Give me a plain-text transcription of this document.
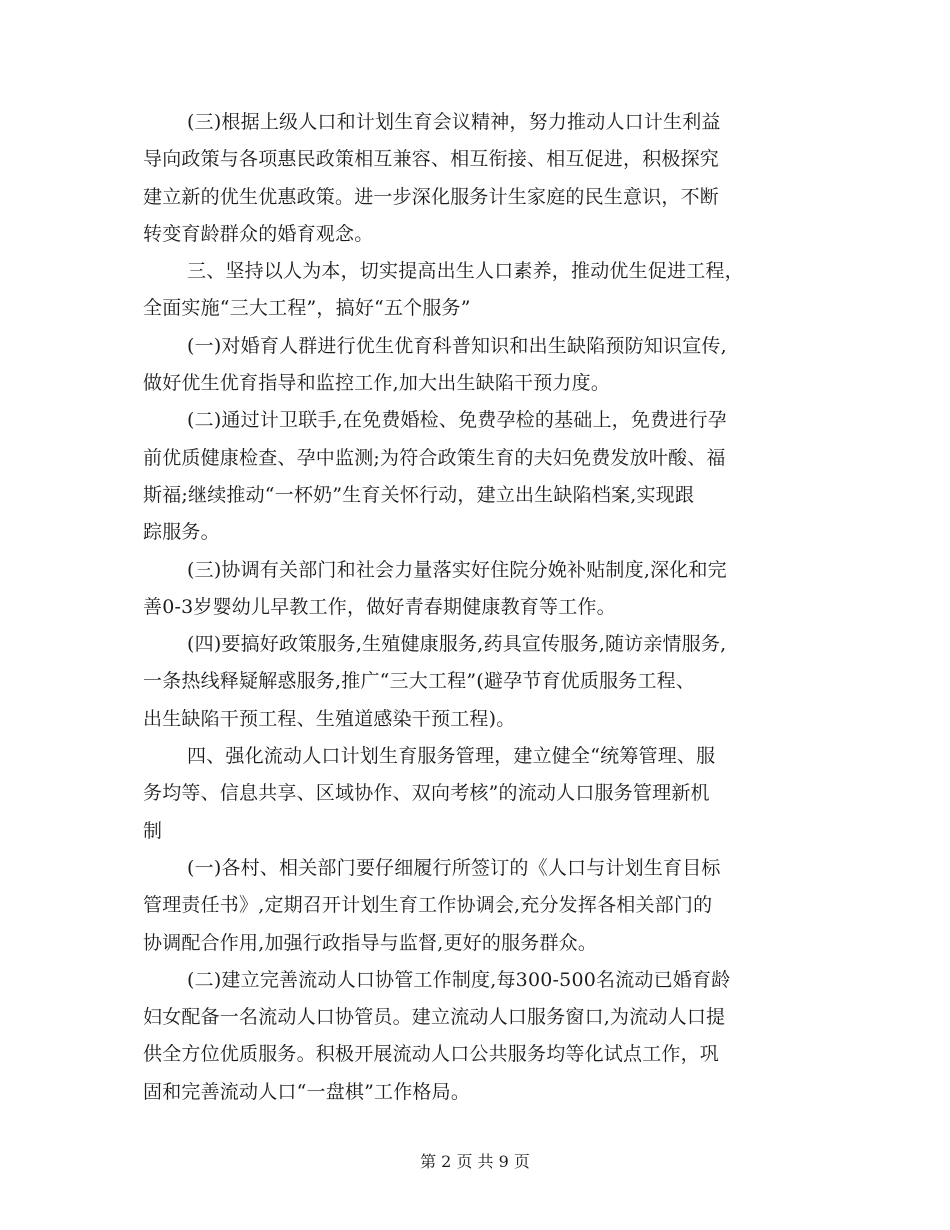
(三)根据上级人口和计划生育会议精神，努力推动人口计生利益
导向政策与各项惠民政策相互兼容、相互衔接、相互促进，积极探究
建立新的优生优惠政策。进一步深化服务计生家庭的民生意识，不断
转变育龄群众的婚育观念。
三、坚持以人为本，切实提高出生人口素养，推动优生促进工程，
全面实施“三大工程”，搞好“五个服务”
(一)对婚育人群进行优生优育科普知识和出生缺陷预防知识宣传,
做好优生优育指导和监控工作,加大出生缺陷干预力度。
(二)通过计卫联手,在免费婚检、免费孕检的基础上，免费进行孕
前优质健康检查、孕中监测;为符合政策生育的夫妇免费发放叶酸、福
斯福;继续推动“一杯奶”生育关怀行动，建立出生缺陷档案,实现跟
踪服务。
(三)协调有关部门和社会力量落实好住院分娩补贴制度,深化和完
善0-3岁婴幼儿早教工作，做好青春期健康教育等工作。
(四)要搞好政策服务,生殖健康服务,药具宣传服务,随访亲情服务,
一条热线释疑解惑服务,推广“三大工程”(避孕节育优质服务工程、
出生缺陷干预工程、生殖道感染干预工程)。
四、强化流动人口计划生育服务管理，建立健全“统筹管理、服
务均等、信息共享、区域协作、双向考核”的流动人口服务管理新机
制
(一)各村、相关部门要仔细履行所签订的《人口与计划生育目标
管理责任书》,定期召开计划生育工作协调会,充分发挥各相关部门的
协调配合作用,加强行政指导与监督,更好的服务群众。
(二)建立完善流动人口协管工作制度,每300-500名流动已婚育龄
妇女配备一名流动人口协管员。建立流动人口服务窗口,为流动人口提
供全方位优质服务。积极开展流动人口公共服务均等化试点工作，巩
固和完善流动人口“一盘棋”工作格局。
第 2 页 共 9 页
